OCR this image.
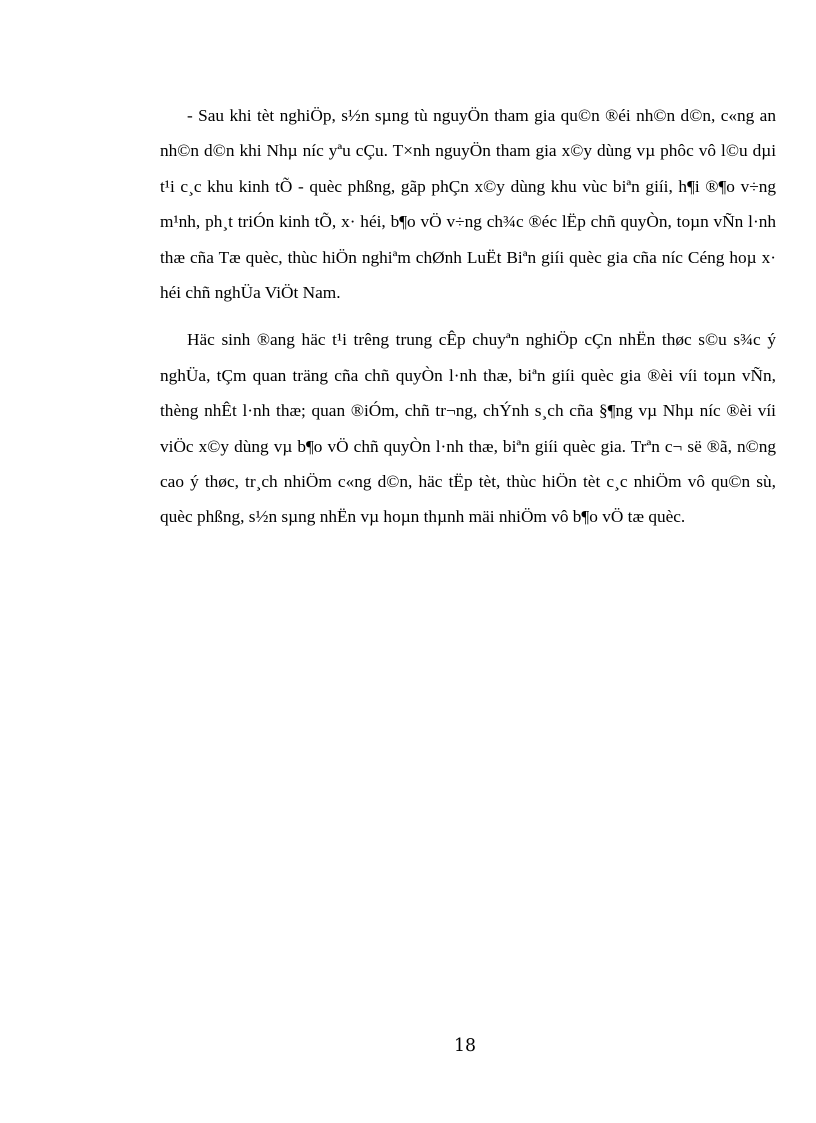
- Sau khi tèt nghiÖp, s½n sµng tù nguyÖn tham gia qu©n ®éi nh©n d©n, c«ng an nh©n d©n khi Nhµ níc yªu cÇu. T×nh nguyÖn tham gia x©y dùng vµ phôc vô l©u dµi t¹i c¸c khu kinh tÕ - quèc phßng, gãp phÇn x©y dùng khu vùc biªn giíi, h¶i ®¶o v÷ng m¹nh, ph¸t triÓn kinh tÕ, x· héi, b¶o vÖ v÷ng ch¾c ®éc lËp chñ quyÒn, toµn vÑn l·nh thæ cña Tæ quèc, thùc hiÖn nghiªm chØnh LuËt Biªn giíi quèc gia cña níc Céng hoµ x· héi chñ nghÜa ViÖt Nam.

Häc sinh ®ang häc t¹i trêng trung cÊp chuyªn nghiÖp cÇn nhËn thøc s©u s¾c ý nghÜa, tÇm quan träng cña chñ quyÒn l·nh thæ, biªn giíi quèc gia ®èi víi toµn vÑn, thèng nhÊt l·nh thæ; quan ®iÓm, chñ tr¬ng, chÝnh s¸ch cña §¶ng vµ Nhµ níc ®èi víi viÖc x©y dùng vµ b¶o vÖ chñ quyÒn l·nh thæ, biªn giíi quèc gia. Trªn c¬ së ®ã, n©ng cao ý thøc, tr¸ch nhiÖm c«ng d©n, häc tËp tèt, thùc hiÖn tèt c¸c nhiÖm vô qu©n sù, quèc phßng, s½n sµng nhËn vµ hoµn thµnh mäi nhiÖm vô b¶o vÖ tæ quèc.

18
